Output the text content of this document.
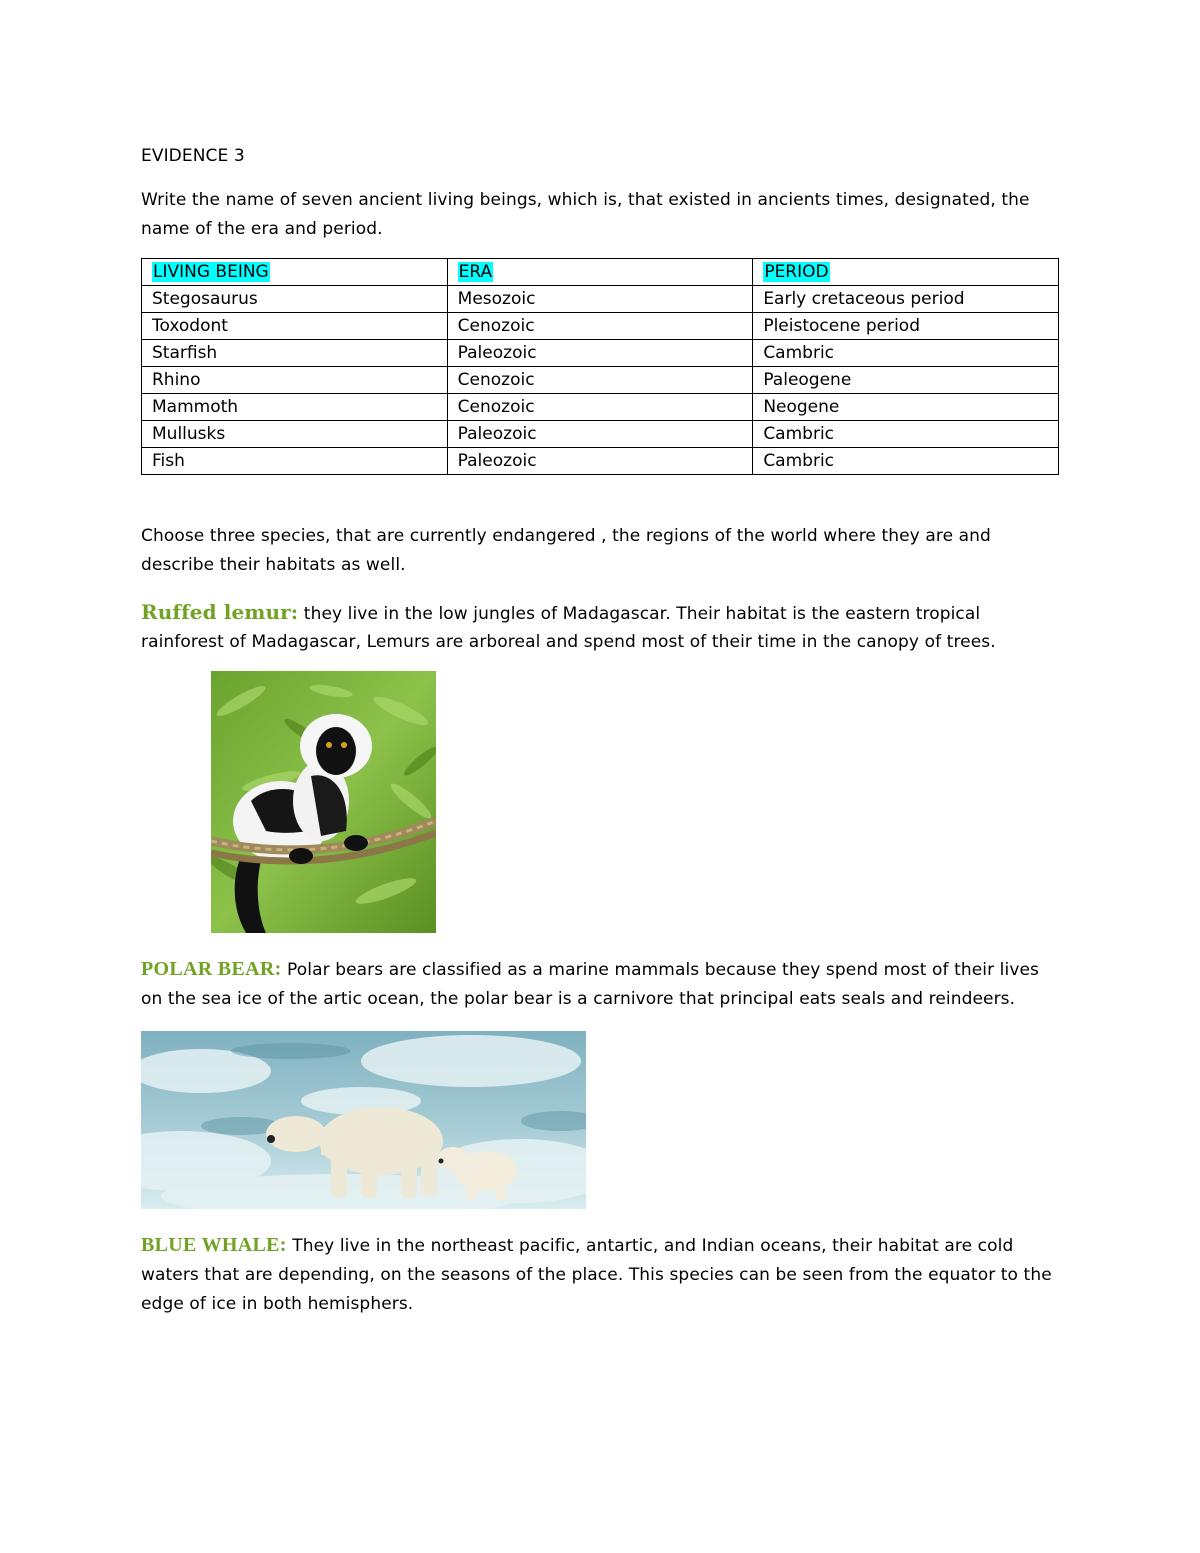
EVIDENCE 3
Write the name of seven ancient living beings, which is, that existed in ancients times, designated, the
name of the era and period.
LIVING BEING	ERA	PERIOD
Stegosaurus	Mesozoic	Early cretaceous period
Toxodont	Cenozoic	Pleistocene period
Starfish	Paleozoic	Cambric
Rhino	Cenozoic	Paleogene
Mammoth	Cenozoic	Neogene
Mullusks	Paleozoic	Cambric
Fish	Paleozoic	Cambric
Choose three species, that are currently endangered , the regions of the world where they are and
describe their habitats as well.
Ruffed lemur: they live in the low jungles of Madagascar. Their habitat is the eastern tropical
rainforest of Madagascar, Lemurs are arboreal and spend most of their time in the canopy of trees.
POLAR BEAR: Polar bears are classified as a marine mammals because they spend most of their lives
on the sea ice of the artic ocean, the polar bear is a carnivore that principal eats seals and reindeers.
BLUE WHALE: They live in the northeast pacific, antartic, and Indian oceans, their habitat are cold
waters that are depending, on the seasons of the place. This species can be seen from the equator to the
edge of ice in both hemisphers.
